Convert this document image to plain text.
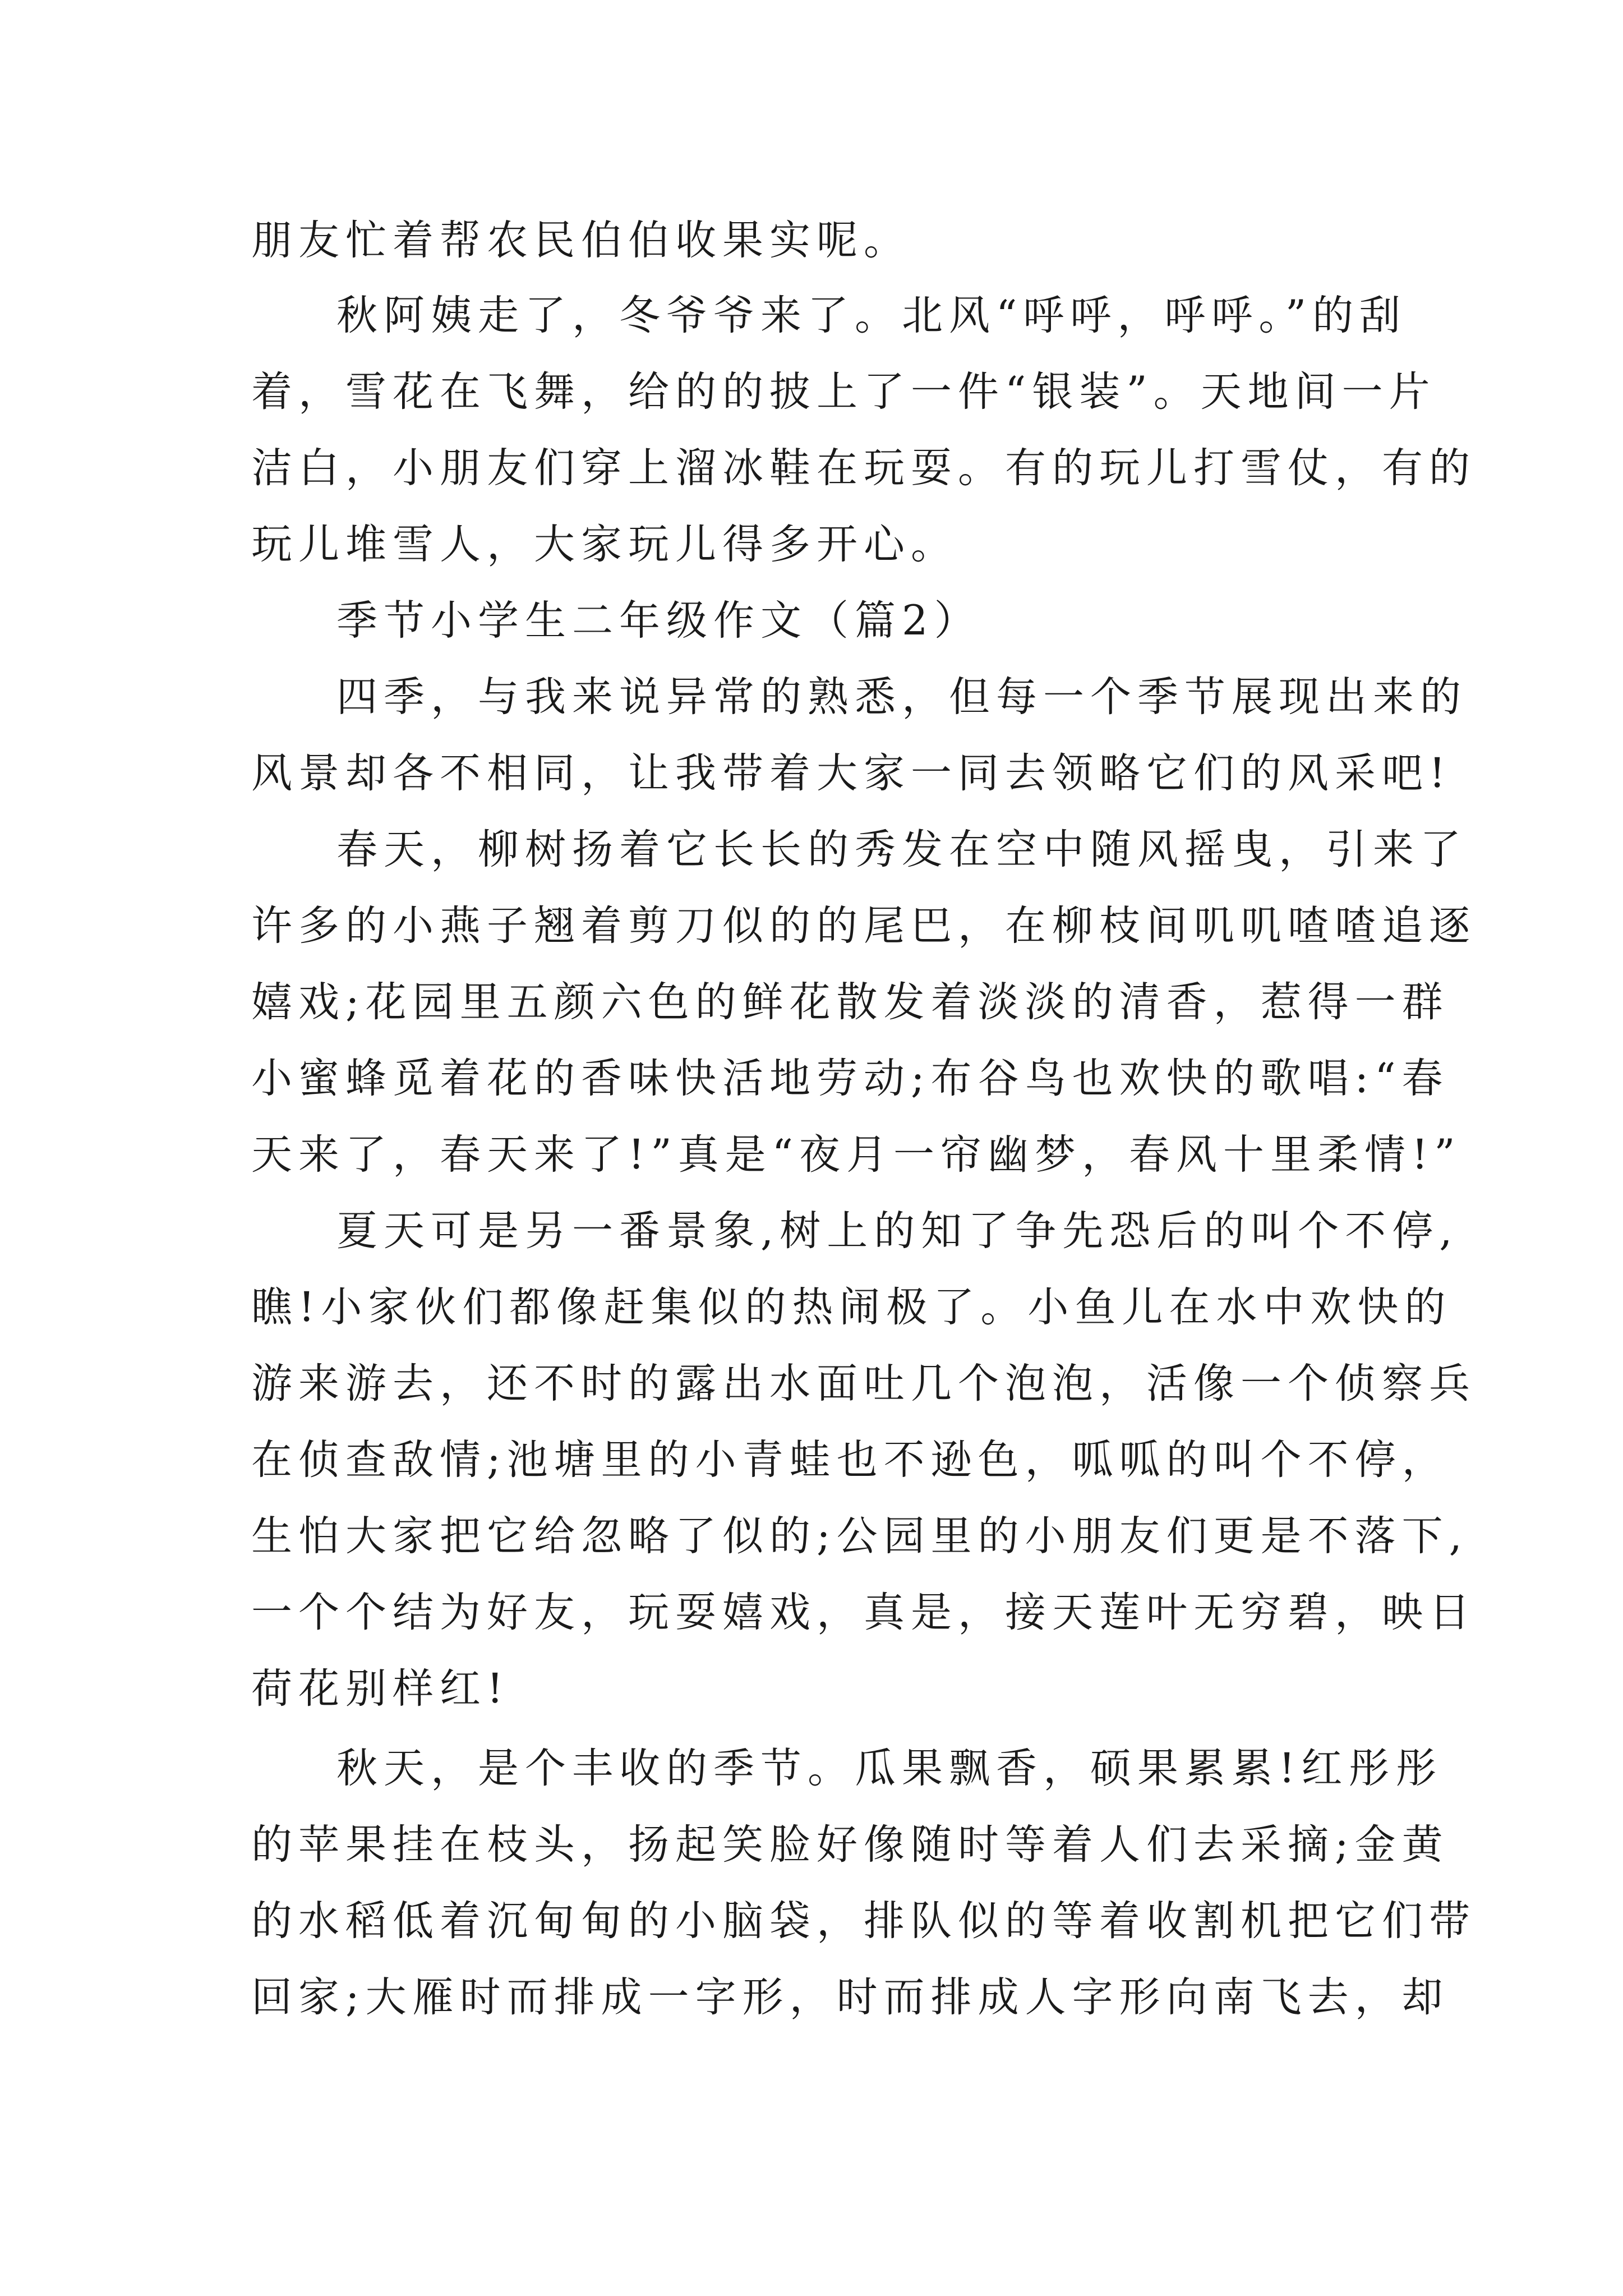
朋友忙着帮农民伯伯收果实呢。
秋阿姨走了，冬爷爷来了。北风“呼呼，呼呼。”的刮
着，雪花在飞舞，给的的披上了一件“银装”。天地间一片
洁白，小朋友们穿上溜冰鞋在玩耍。有的玩儿打雪仗，有的
玩儿堆雪人，大家玩儿得多开心。
季节小学生二年级作文（篇2）
四季，与我来说异常的熟悉，但每一个季节展现出来的
风景却各不相同，让我带着大家一同去领略它们的风采吧!
春天，柳树扬着它长长的秀发在空中随风摇曳，引来了
许多的小燕子翘着剪刀似的的尾巴，在柳枝间叽叽喳喳追逐
嬉戏;花园里五颜六色的鲜花散发着淡淡的清香，惹得一群
小蜜蜂觅着花的香味快活地劳动;布谷鸟也欢快的歌唱:“春
天来了，春天来了!”真是“夜月一帘幽梦，春风十里柔情!”
夏天可是另一番景象,树上的知了争先恐后的叫个不停,
瞧!小家伙们都像赶集似的热闹极了。小鱼儿在水中欢快的
游来游去，还不时的露出水面吐几个泡泡，活像一个侦察兵
在侦查敌情;池塘里的小青蛙也不逊色，呱呱的叫个不停，
生怕大家把它给忽略了似的;公园里的小朋友们更是不落下,
一个个结为好友，玩耍嬉戏，真是，接天莲叶无穷碧，映日
荷花别样红!
秋天，是个丰收的季节。瓜果飘香，硕果累累!红彤彤
的苹果挂在枝头，扬起笑脸好像随时等着人们去采摘;金黄
的水稻低着沉甸甸的小脑袋，排队似的等着收割机把它们带
回家;大雁时而排成一字形，时而排成人字形向南飞去，却
